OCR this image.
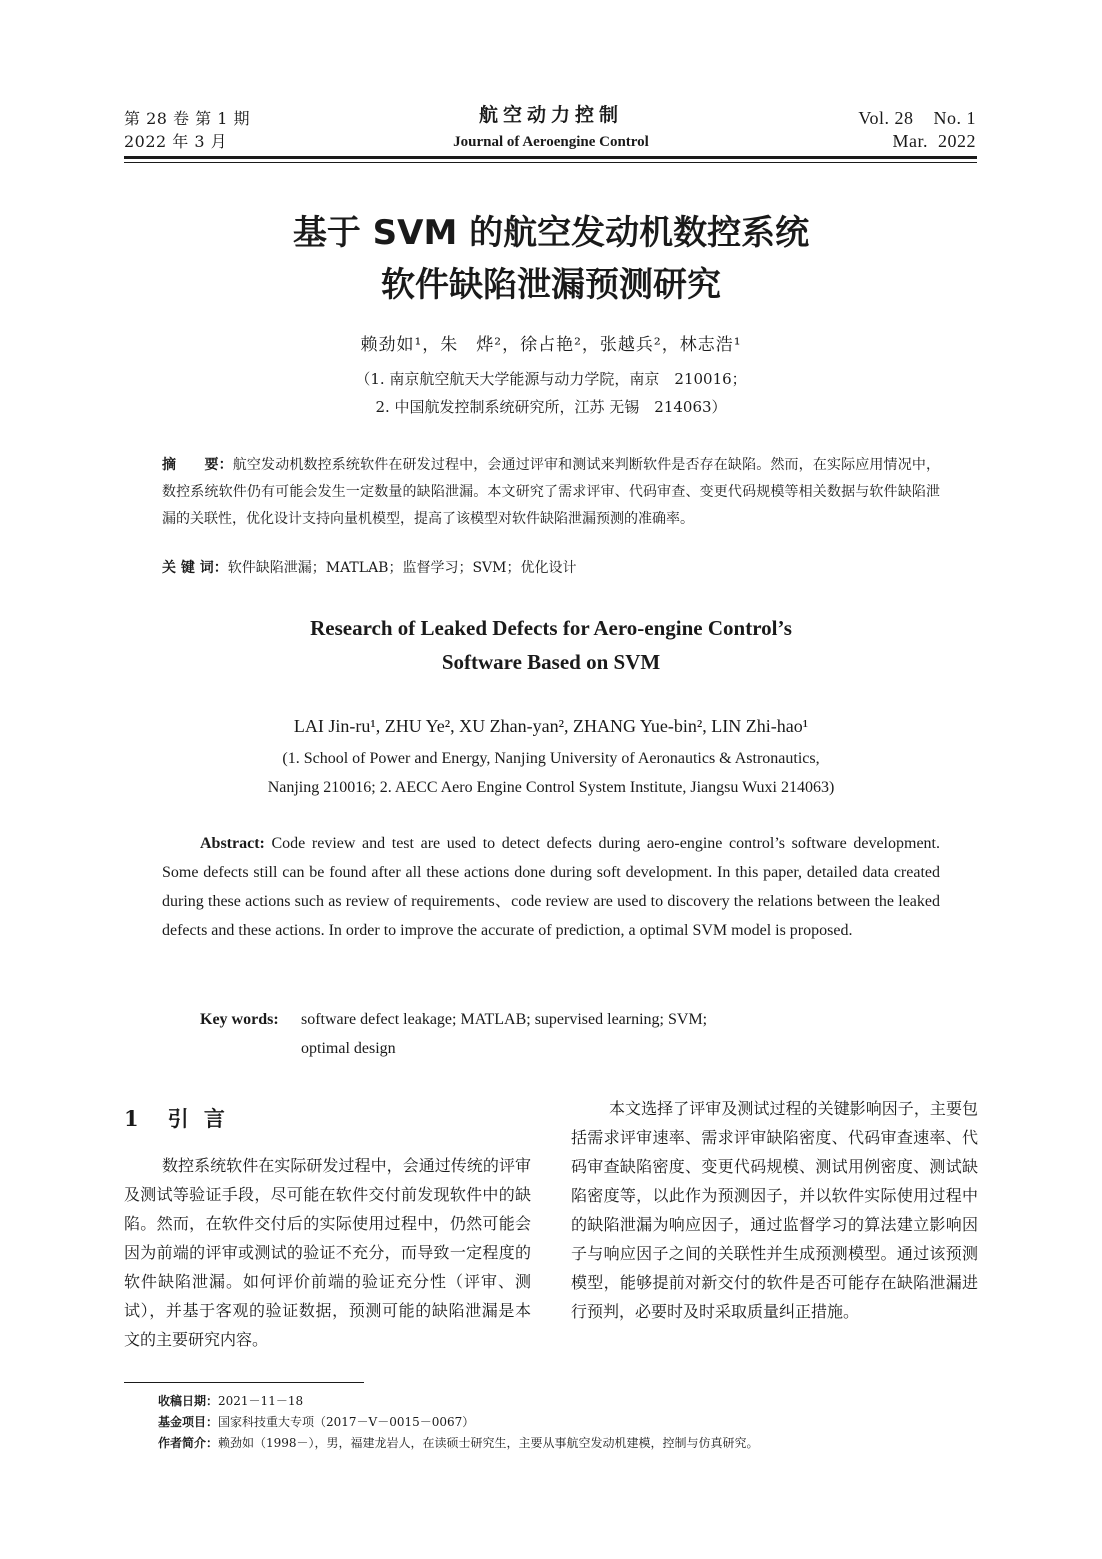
第 28 卷 第 1 期
2022 年 3 月
航空动力控制
Journal of Aeroengine Control
Vol. 28    No. 1
Mar.  2022
基于 SVM 的航空发动机数控系统
软件缺陷泄漏预测研究
赖劲如¹，朱　烨²，徐占艳²，张越兵²，林志浩¹
（1. 南京航空航天大学能源与动力学院，南京　210016；
2. 中国航发控制系统研究所，江苏 无锡　214063）
摘　　要：航空发动机数控系统软件在研发过程中，会通过评审和测试来判断软件是否存在缺陷。然而，在实际应用情况中，数控系统软件仍有可能会发生一定数量的缺陷泄漏。本文研究了需求评审、代码审查、变更代码规模等相关数据与软件缺陷泄漏的关联性，优化设计支持向量机模型，提高了该模型对软件缺陷泄漏预测的准确率。
关 键 词：软件缺陷泄漏；MATLAB；监督学习；SVM；优化设计
Research of Leaked Defects for Aero-engine Control’s
Software Based on SVM
LAI Jin-ru¹, ZHU Ye², XU Zhan-yan², ZHANG Yue-bin², LIN Zhi-hao¹
(1. School of Power and Energy, Nanjing University of Aeronautics & Astronautics,
Nanjing 210016; 2. AECC Aero Engine Control System Institute, Jiangsu Wuxi 214063)
Abstract: Code review and test are used to detect defects during aero-engine control’s software development. Some defects still can be found after all these actions done during soft development. In this paper, detailed data created during these actions such as review of requirements、code review are used to discovery the relations between the leaked defects and these actions. In order to improve the accurate of prediction, a optimal SVM model is proposed.
Key words: software defect leakage; MATLAB; supervised learning; SVM;
optimal design
1　引 言
数控系统软件在实际研发过程中，会通过传统的评审及测试等验证手段，尽可能在软件交付前发现软件中的缺陷。然而，在软件交付后的实际使用过程中，仍然可能会因为前端的评审或测试的验证不充分，而导致一定程度的软件缺陷泄漏。如何评价前端的验证充分性（评审、测试），并基于客观的验证数据，预测可能的缺陷泄漏是本文的主要研究内容。
本文选择了评审及测试过程的关键影响因子，主要包括需求评审速率、需求评审缺陷密度、代码审查速率、代码审查缺陷密度、变更代码规模、测试用例密度、测试缺陷密度等，以此作为预测因子，并以软件实际使用过程中的缺陷泄漏为响应因子，通过监督学习的算法建立影响因子与响应因子之间的关联性并生成预测模型。通过该预测模型，能够提前对新交付的软件是否可能存在缺陷泄漏进行预判，必要时及时采取质量纠正措施。
收稿日期：2021－11－18
基金项目：国家科技重大专项（2017－V－0015－0067）
作者简介：赖劲如（1998－），男，福建龙岩人，在读硕士研究生，主要从事航空发动机建模，控制与仿真研究。
